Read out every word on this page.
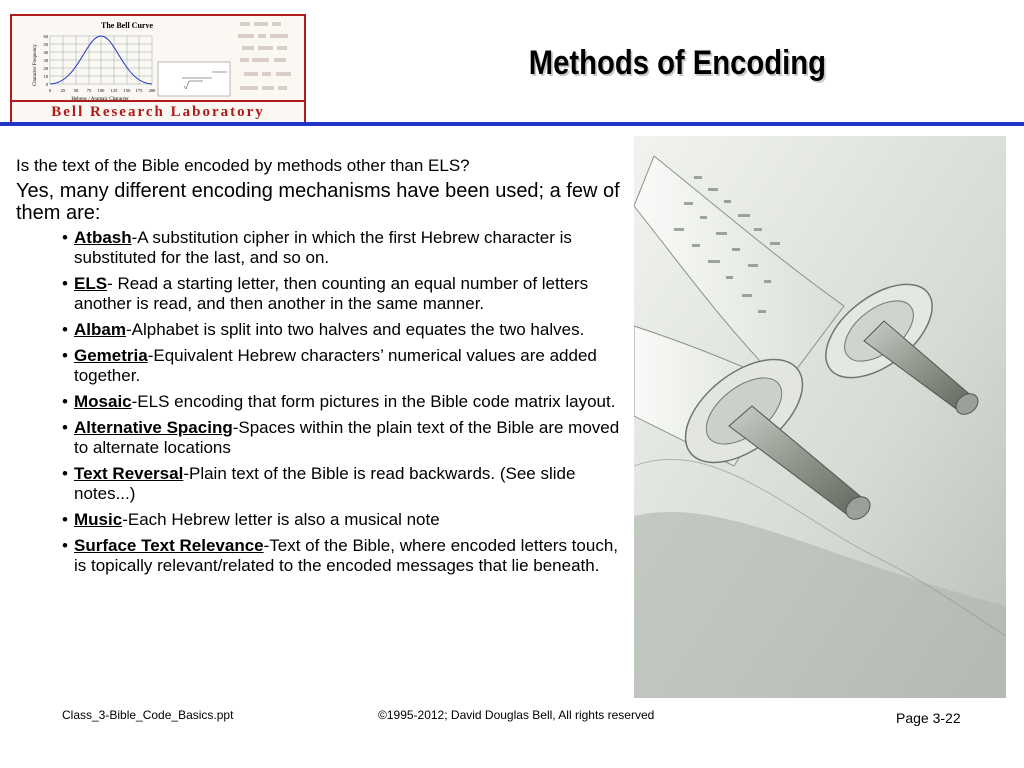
The Bell Curve
Character Frequency
60
50
40
30
20
10
0
0 25 50 75 100 125 150 175 200
Bell Research Laboratory
Methods of Encoding

Is the text of the Bible encoded by methods other than ELS?

Yes, many different encoding mechanisms have been used; a few of them are:

• Atbash-A substitution cipher in which the first Hebrew character is substituted for the last, and so on.
• ELS- Read a starting letter, then counting an equal number of letters another is read, and then another in the same manner.
• Albam-Alphabet is split into two halves and equates the two halves.
• Gemetria-Equivalent Hebrew characters’ numerical values are added together.
• Mosaic-ELS encoding that form pictures in the Bible code matrix layout.
• Alternative Spacing-Spaces within the plain text of the Bible are moved to alternate locations
• Text Reversal-Plain text of the Bible is read backwards. (See slide notes...)
• Music-Each Hebrew letter is also a musical note
• Surface Text Relevance-Text of the Bible, where encoded letters touch, is topically relevant/related to the encoded messages that lie beneath.
Class_3-Bible_Code_Basics.ppt	©1995-2012; David Douglas Bell, All rights reserved	Page 3-22
